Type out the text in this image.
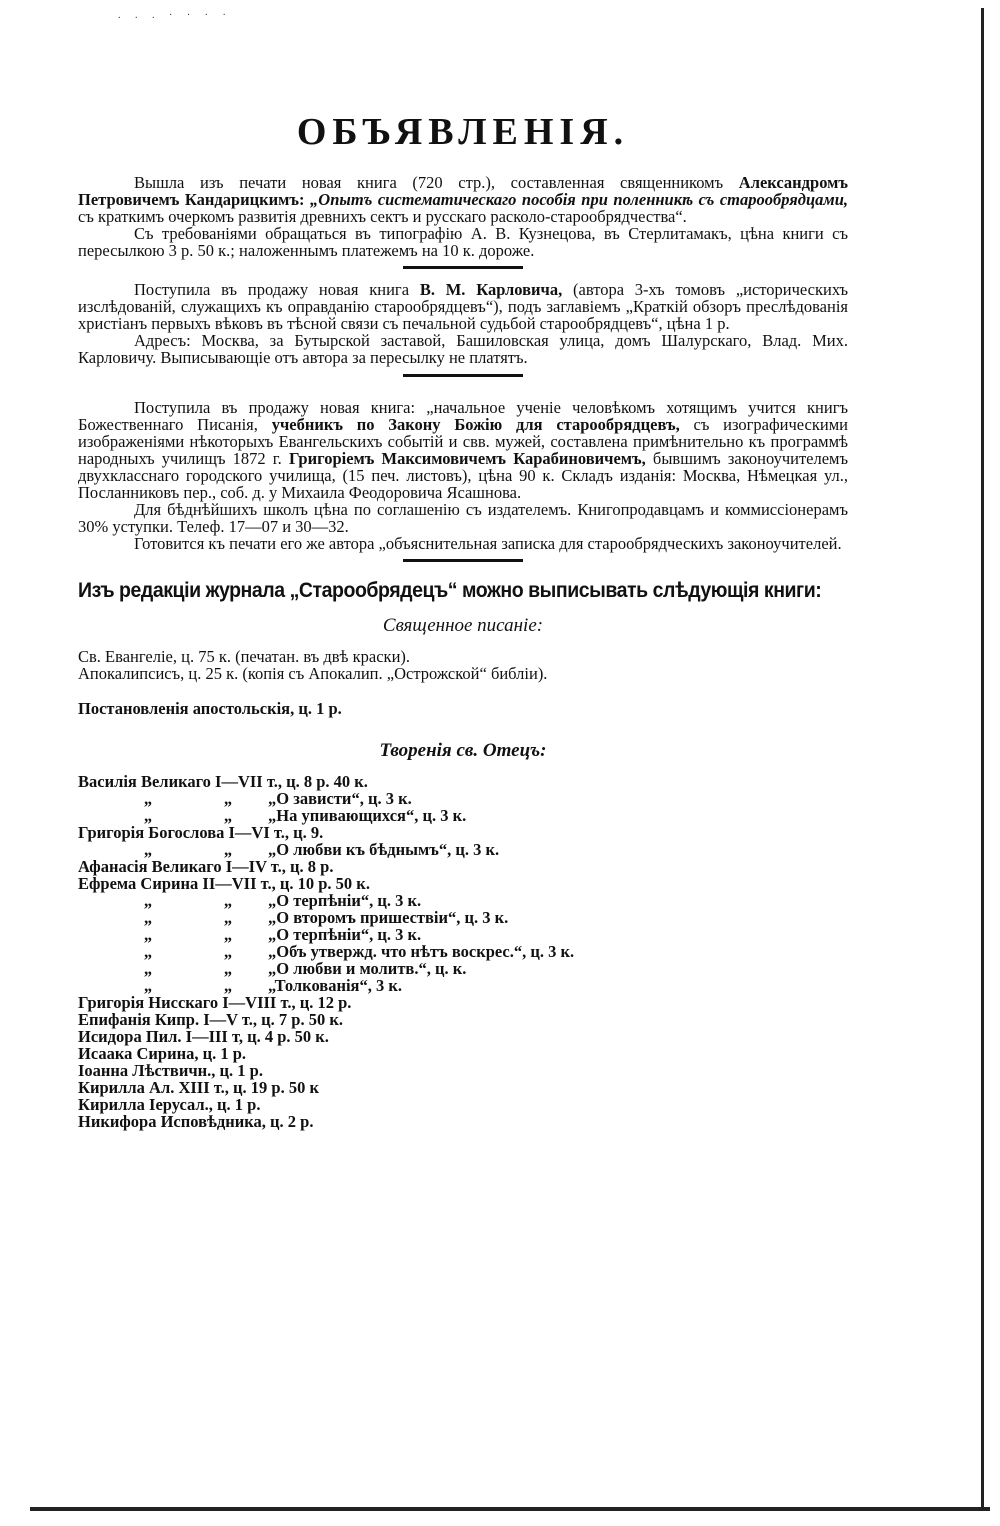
. . . · · · ·
ОБЪЯВЛЕНІЯ.

Вышла изъ печати новая книга (720 стр.), составленная священникомъ Александромъ Петровичемъ Кандарицкимъ: „Опытъ систематическаго пособія при поленникѣ съ старообрядцами, съ краткимъ очеркомъ развитія древнихъ сектъ и русскаго расколо-старообрядчества“.

Съ требованіями обращаться въ типографію А. В. Кузнецова, въ Стерлитамакъ, цѣна книги съ пересылкою 3 р. 50 к.; наложеннымъ платежемъ на 10 к. дороже.

Поступила въ продажу новая книга В. М. Карловича, (автора 3-хъ томовъ „историческихъ изслѣдованій, служащихъ къ оправданію старообрядцевъ“), подъ заглавіемъ „Краткій обзоръ преслѣдованія христіанъ первыхъ вѣковъ въ тѣсной связи съ печальной судьбой старообрядцевъ“, цѣна 1 р.

Адресъ: Москва, за Бутырской заставой, Башиловская улица, домъ Шалурскаго, Влад. Мих. Карловичу. Выписывающіе отъ автора за пересылку не платятъ.

Поступила въ продажу новая книга: „начальное ученіе человѣкомъ хотящимъ учится книгъ Божественнаго Писанія, учебникъ по Закону Божію для старообрядцевъ, съ изографическими изображеніями нѣкоторыхъ Евангельскихъ событій и свв. мужей, составлена примѣнительно къ программѣ народныхъ училищъ 1872 г. Григоріемъ Максимовичемъ Карабиновичемъ, бывшимъ законоучителемъ двухкласснаго городского училища, (15 печ. листовъ), цѣна 90 к. Складъ изданія: Москва, Нѣмецкая ул., Посланниковъ пер., соб. д. у Михаила Феодоровича Ясашнова.

Для бѣднѣйшихъ школъ цѣна по соглашенію съ издателемъ. Книгопродавцамъ и коммиссіонерамъ 30% уступки. Телеф. 17—07 и 30—32.

Готовится къ печати его же автора „объяснительная записка для старообрядческихъ законоучителей.

Изъ редакціи журнала „Старообрядецъ“ можно выписывать слѣдующія книги:
Священное писаніе:
Св. Евангеліе, ц. 75 к. (печатан. въ двѣ краски).
Апокалипсисъ, ц. 25 к. (копія съ Апокалип. „Острожской“ библіи).
Постановленія апостольскія, ц. 1 р.
Творенія св. Отецъ:
Василія Великаго I—VII т., ц. 8 р. 40 к.
„	„ „О зависти“, ц. 3 к.
„	„ „На упивающихся“, ц. 3 к.
Григорія Богослова I—VI т., ц. 9.
„	„ „О любви къ бѣднымъ“, ц. 3 к.
Афанасія Великаго I—IV т., ц. 8 р.
Ефрема Сирина II—VII т., ц. 10 р. 50 к.
„	„ „О терпѣніи“, ц. 3 к.
„	„ „О второмъ пришествіи“, ц. 3 к.
„	„ „О терпѣніи“, ц. 3 к.
„	„ „Объ утвержд. что нѣтъ воскрес.“, ц. 3 к.
„	„ „О любви и молитв.“, ц. к.
„	„ „Толкованія“, 3 к.
Григорія Нисскаго I—VIII т., ц. 12 р.
Епифанія Кипр. I—V т., ц. 7 р. 50 к.
Исидора Пил. I—III т, ц. 4 р. 50 к.
Исаака Сирина, ц. 1 р.
Іоанна Лѣствичн., ц. 1 р.
Кирилла Ал. XIII т., ц. 19 р. 50 к
Кирилла Іерусал., ц. 1 р.
Никифора Исповѣдника, ц. 2 р.
